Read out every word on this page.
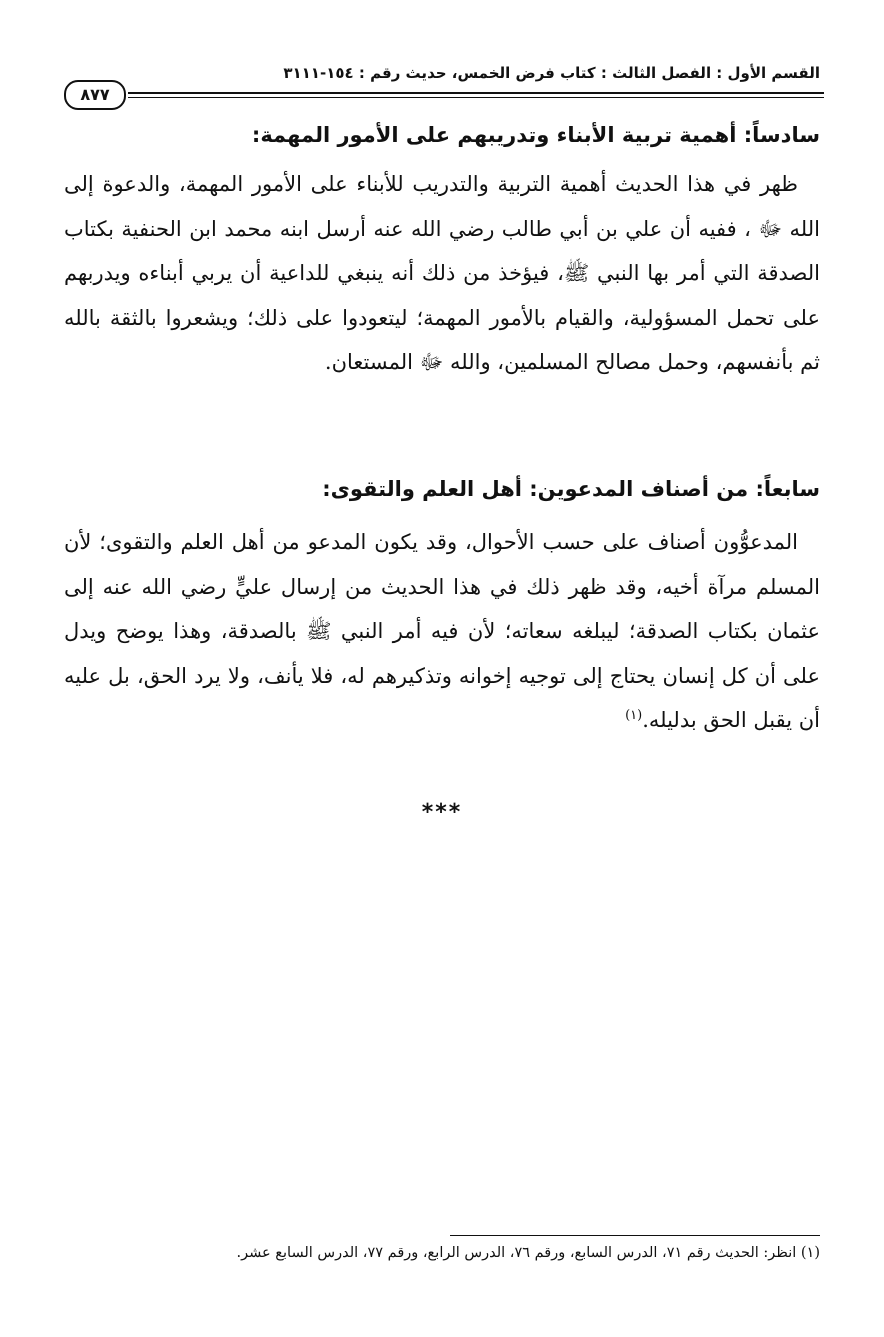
القسم الأول : الفصل الثالث : كتاب فرض الخمس، حديث رقم : ١٥٤-٣١١١
٨٧٧
سادساً: أهمية تربية الأبناء وتدريبهم على الأمور المهمة:

ظهر في هذا الحديث أهمية التربية والتدريب للأبناء على الأمور المهمة، والدعوة إلى الله ﷻ ، ففيه أن علي بن أبي طالب رضي الله عنه أرسل ابنه محمد ابن الحنفية بكتاب الصدقة التي أمر بها النبي ﷺ، فيؤخذ من ذلك أنه ينبغي للداعية أن يربي أبناءه ويدربهم على تحمل المسؤولية، والقيام بالأمور المهمة؛ ليتعودوا على ذلك؛ ويشعروا بالثقة بالله ثم بأنفسهم، وحمل مصالح المسلمين، والله ﷻ المستعان.

سابعاً: من أصناف المدعوين: أهل العلم والتقوى:

المدعوُّون أصناف على حسب الأحوال، وقد يكون المدعو من أهل العلم والتقوى؛ لأن المسلم مرآة أخيه، وقد ظهر ذلك في هذا الحديث من إرسال عليٍّ رضي الله عنه إلى عثمان بكتاب الصدقة؛ ليبلغه سعاته؛ لأن فيه أمر النبي ﷺ بالصدقة، وهذا يوضح ويدل على أن كل إنسان يحتاج إلى توجيه إخوانه وتذكيرهم له، فلا يأنف، ولا يرد الحق، بل عليه أن يقبل الحق بدليله.$^{(١)}$

***
(١) انظر: الحديث رقم ٧١، الدرس السابع، ورقم ٧٦، الدرس الرابع، ورقم ٧٧، الدرس السابع عشر.
